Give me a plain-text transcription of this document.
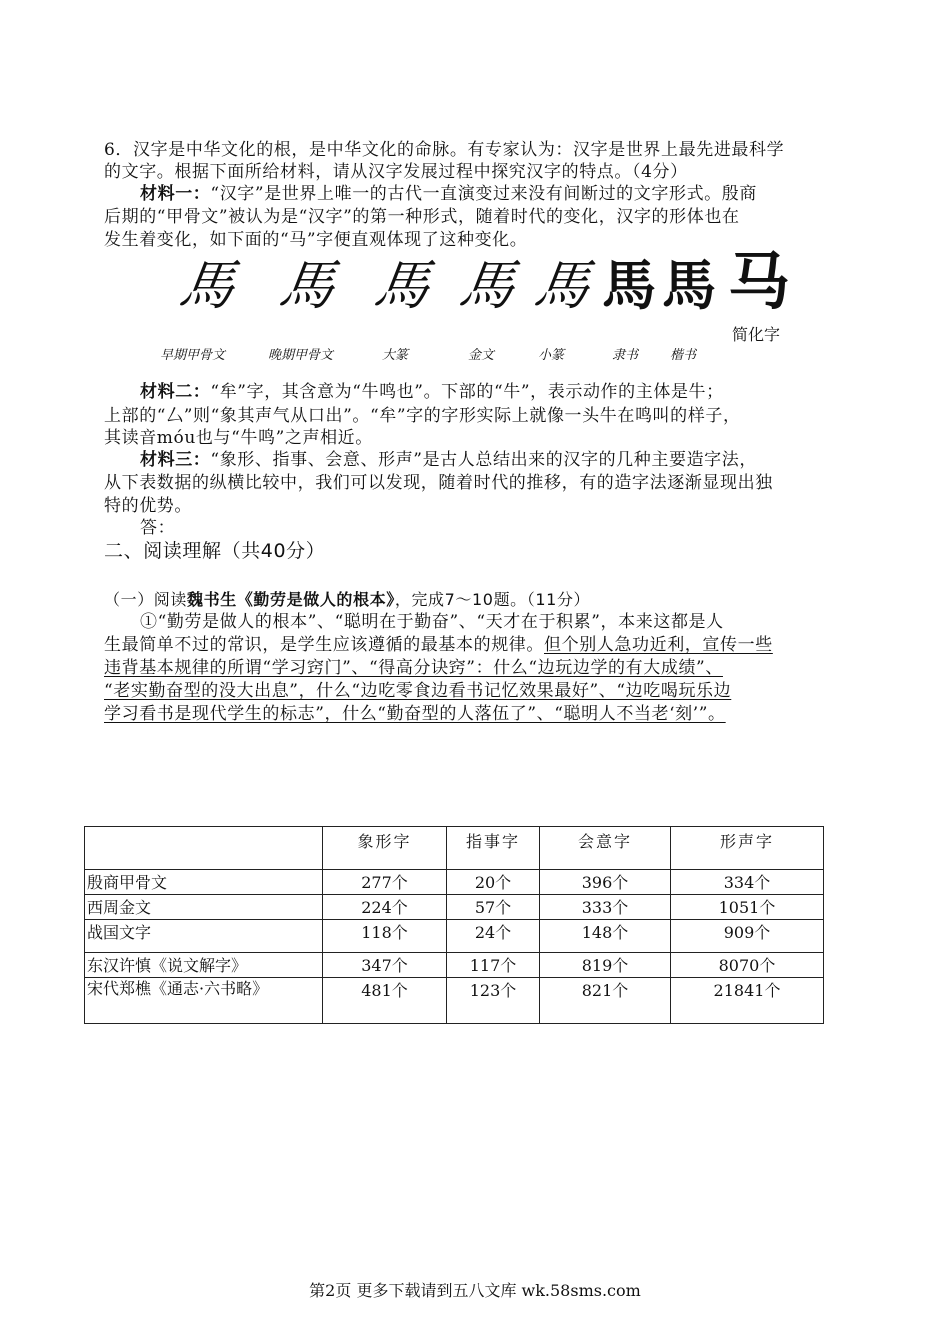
6．汉字是中华文化的根，是中华文化的命脉。有专家认为：汉字是世界上最先进最科学
的文字。根据下面所给材料，请从汉字发展过程中探究汉字的特点。（4分）
材料一：“汉字”是世界上唯一的古代一直演变过来没有间断过的文字形式。殷商
后期的“甲骨文”被认为是“汉字”的第一种形式，随着时代的变化，汉字的形体也在
发生着变化，如下面的“马”字便直观体现了这种变化。
馬 馬 馬 馬 馬 馬 馬 马
早期甲骨文	晚期甲骨文	大篆	金文	小篆	隶书 楷书
简化字
材料二：“牟”字，其含意为“牛鸣也”。下部的“牛”，表示动作的主体是牛；
上部的“厶”则“象其声气从口出”。“牟”字的字形实际上就像一头牛在鸣叫的样子，
其读音móu也与“牛鸣”之声相近。
材料三：“象形、指事、会意、形声”是古人总结出来的汉字的几种主要造字法，
从下表数据的纵横比较中，我们可以发现，随着时代的推移，有的造字法逐渐显现出独
特的优势。
答：
二、阅读理解（共40分）
（一）阅读魏书生《勤劳是做人的根本》，完成7～10题。（11分）
①“勤劳是做人的根本”、“聪明在于勤奋”、“天才在于积累”，本来这都是人
生最简单不过的常识，是学生应该遵循的最基本的规律。但个别人急功近利，宣传一些
违背基本规律的所谓“学习窍门”、“得高分诀窍”：什么“边玩边学的有大成绩”、
“老实勤奋型的没大出息”，什么“边吃零食边看书记忆效果最好”、“边吃喝玩乐边
学习看书是现代学生的标志”，什么“勤奋型的人落伍了”、“聪明人不当老‘刻’”。
	象形字	指事字	会意字	形声字
殷商甲骨文	277个	20个	396个	334个
西周金文	224个	57个	333个	1051个
战国文字	118个	24个	148个	909个
东汉许慎《说文解字》	347个	117个	819个	8070个
宋代郑樵《通志·六书略》	481个	123个	821个	21841个
第2页 更多下载请到五八文库 wk.58sms.com
